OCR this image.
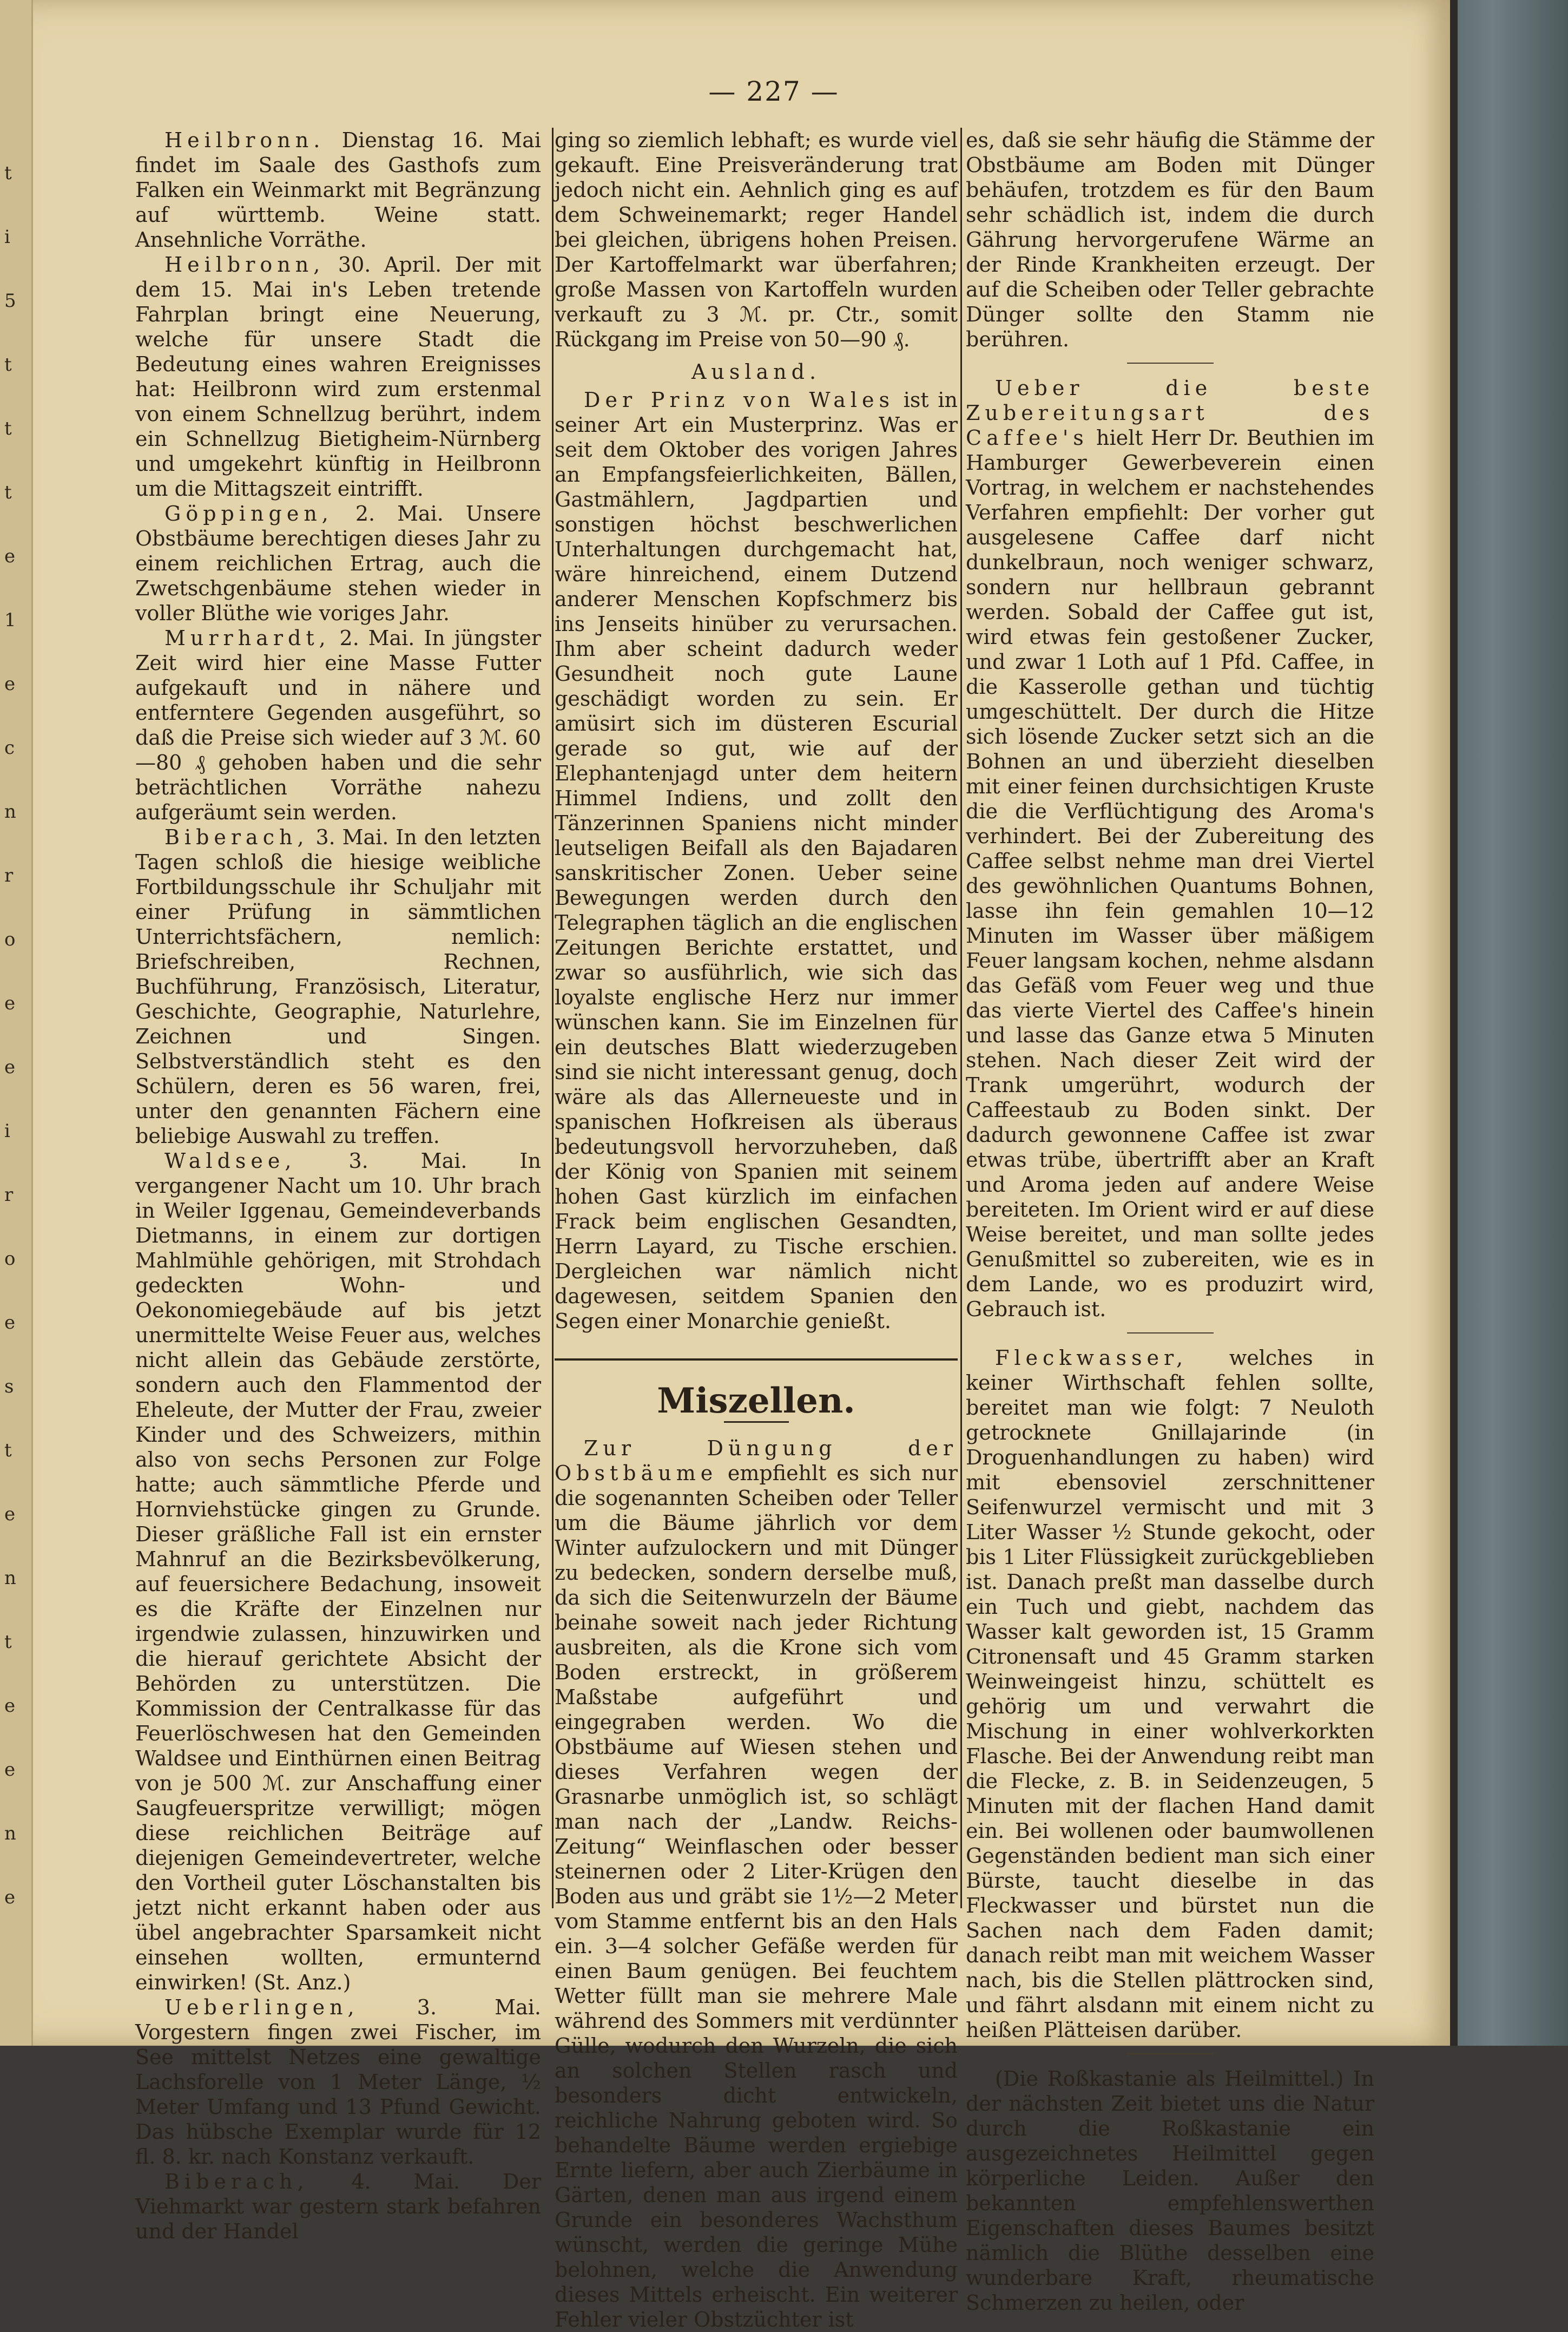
t
i
5
t
t
t
e
1
e
c
n
r
o
e
e
i
r
o
e
s
t
e
n
t
e
e
n
e
— 227 —

Heilbronn. Dienstag 16. Mai findet im Saale des Gasthofs zum Falken ein Weinmarkt mit Begränzung auf württemb. Weine statt. Ansehnliche Vorräthe.

Heilbronn, 30. April. Der mit dem 15. Mai in's Leben tretende Fahrplan bringt eine Neuerung, welche für unsere Stadt die Bedeutung eines wahren Ereignisses hat: Heilbronn wird zum erstenmal von einem Schnellzug berührt, indem ein Schnellzug Bietigheim-Nürnberg und umgekehrt künftig in Heilbronn um die Mittagszeit eintrifft.

Göppingen, 2. Mai. Unsere Obstbäume berechtigen dieses Jahr zu einem reichlichen Ertrag, auch die Zwetschgenbäume stehen wieder in voller Blüthe wie voriges Jahr.

Murrhardt, 2. Mai. In jüngster Zeit wird hier eine Masse Futter aufgekauft und in nähere und entferntere Gegenden ausgeführt, so daß die Preise sich wieder auf 3 ℳ. 60—80 ₰ gehoben haben und die sehr beträchtlichen Vorräthe nahezu aufgeräumt sein werden.

Biberach, 3. Mai. In den letzten Tagen schloß die hiesige weibliche Fortbildungsschule ihr Schuljahr mit einer Prüfung in sämmtlichen Unterrichtsfächern, nemlich: Briefschreiben, Rechnen, Buchführung, Französisch, Literatur, Geschichte, Geographie, Naturlehre, Zeichnen und Singen. Selbstverständlich steht es den Schülern, deren es 56 waren, frei, unter den genannten Fächern eine beliebige Auswahl zu treffen.

Waldsee,	3. Mai. In vergangener Nacht um 10. Uhr brach in Weiler Iggenau, Gemeindeverbands Dietmanns, in einem zur dortigen Mahlmühle gehörigen, mit Strohdach gedeckten Wohn- und Oekonomiegebäude auf bis jetzt unermittelte Weise Feuer aus, welches nicht allein das Gebäude zerstörte, sondern auch den Flammentod der Eheleute, der Mutter der Frau, zweier Kinder und des Schweizers, mithin also von sechs Personen zur Folge hatte; auch sämmtliche Pferde und Hornviehstücke gingen zu Grunde. Dieser gräßliche Fall ist ein ernster Mahnruf an die Bezirksbevölkerung, auf feuersichere Bedachung, insoweit es die Kräfte der Einzelnen nur irgendwie zulassen, hinzuwirken und die hierauf gerichtete Absicht der Behörden zu unterstützen. Die Kommission der Centralkasse für das Feuerlöschwesen hat den Gemeinden Waldsee und Einthürnen einen Beitrag von je 500 ℳ. zur Anschaffung einer Saugfeuerspritze verwilligt; mögen diese reichlichen Beiträge auf diejenigen Gemeindevertreter, welche den Vortheil guter Löschanstalten bis jetzt nicht erkannt haben oder aus übel angebrachter Sparsamkeit nicht einsehen wollten, ermunternd einwirken! (St. Anz.)

Ueberlingen,	3. Mai. Vorgestern fingen zwei Fischer, im See mittelst Netzes eine gewaltige Lachsforelle von 1 Meter Länge, ½ Meter Umfang und 13 Pfund Gewicht. Das hübsche Exemplar wurde für 12 fl. 8. kr. nach Konstanz verkauft.

Biberach, 4. Mai. Der Viehmarkt war gestern stark befahren und der Handel

ging so ziemlich lebhaft; es wurde viel gekauft. Eine Preisveränderung trat jedoch nicht ein. Aehnlich ging es auf dem Schweinemarkt; reger Handel bei gleichen, übrigens hohen Preisen. Der Kartoffelmarkt war überfahren; große Massen von Kartoffeln wurden verkauft zu 3 ℳ. pr. Ctr., somit Rückgang im Preise von 50—90 ₰.

Ausland.

Der Prinz von Wales ist in seiner Art ein Musterprinz. Was er seit dem Oktober des vorigen Jahres an Empfangsfeierlichkeiten, Bällen, Gastmählern, Jagdpartien und sonstigen höchst beschwerlichen Unterhaltungen durchgemacht hat, wäre hinreichend, einem Dutzend anderer Menschen Kopfschmerz bis ins Jenseits hinüber zu verursachen. Ihm aber scheint dadurch weder Gesundheit noch gute Laune geschädigt worden zu sein. Er amüsirt sich im düsteren Escurial gerade so gut, wie auf der Elephantenjagd unter dem heitern Himmel Indiens, und zollt den Tänzerinnen Spaniens nicht minder leutseligen Beifall als den Bajadaren sanskritischer Zonen. Ueber seine Bewegungen werden durch den Telegraphen täglich an die englischen Zeitungen Berichte erstattet, und zwar so ausführlich, wie sich das loyalste englische Herz nur immer wünschen kann. Sie im Einzelnen für ein deutsches Blatt wiederzugeben sind sie nicht interessant genug, doch wäre als das Allerneueste und in spanischen Hofkreisen als überaus bedeutungsvoll hervorzuheben, daß der König von Spanien mit seinem hohen Gast kürzlich im einfachen Frack beim englischen Gesandten, Herrn Layard, zu Tische erschien. Dergleichen war nämlich nicht dagewesen, seitdem Spanien den Segen einer Monarchie genießt.

Miszellen.

Zur Düngung der Obstbäume empfiehlt es sich nur die sogenannten Scheiben oder Teller um die Bäume jährlich vor dem Winter aufzulockern und mit Dünger zu bedecken, sondern derselbe muß, da sich die Seitenwurzeln der Bäume beinahe soweit nach jeder Richtung ausbreiten, als die Krone sich vom Boden erstreckt, in größerem Maßstabe aufgeführt und eingegraben werden. Wo die Obstbäume auf Wiesen stehen und dieses Verfahren wegen der Grasnarbe unmöglich ist, so schlägt man nach der „Landw. Reichs-Zeitung“ Weinflaschen oder besser steinernen oder 2 Liter-Krügen den Boden aus und gräbt sie 1½—2 Meter vom Stamme entfernt bis an den Hals ein. 3—4 solcher Gefäße werden für einen Baum genügen. Bei feuchtem Wetter füllt man sie mehrere Male während des Sommers mit verdünnter Gülle, wodurch den Wurzeln, die sich an solchen Stellen rasch und besonders dicht entwickeln, reichliche Nahrung geboten wird. So behandelte Bäume werden ergiebige Ernte liefern, aber auch Zierbäume in Gärten, denen man aus irgend einem Grunde ein besonderes Wachsthum wünscht, werden die geringe Mühe belohnen, welche die Anwendung dieses Mittels erheischt. Ein weiterer Fehler vieler Obstzüchter ist

es, daß sie sehr häufig die Stämme der Obstbäume am Boden mit Dünger behäufen, trotzdem es für den Baum sehr schädlich ist, indem die durch Gährung hervorgerufene Wärme an der Rinde Krankheiten erzeugt. Der auf die Scheiben oder Teller gebrachte Dünger sollte den Stamm nie berühren.

Ueber die beste Zubereitungsart des Caffee's hielt Herr Dr. Beuthien im Hamburger Gewerbeverein einen Vortrag, in welchem er nachstehendes Verfahren empfiehlt: Der vorher gut ausgelesene Caffee darf nicht dunkelbraun, noch weniger schwarz, sondern nur hellbraun gebrannt werden. Sobald der Caffee gut ist, wird etwas fein gestoßener Zucker, und zwar 1 Loth auf 1 Pfd. Caffee, in die Kasserolle gethan und tüchtig umgeschüttelt. Der durch die Hitze sich lösende Zucker setzt sich an die Bohnen an und überzieht dieselben mit einer feinen durchsichtigen Kruste die die Verflüchtigung des Aroma's verhindert. Bei der Zubereitung des Caffee selbst nehme man drei Viertel des gewöhnlichen Quantums Bohnen, lasse ihn fein gemahlen 10—12 Minuten im Wasser über mäßigem Feuer langsam kochen, nehme alsdann das Gefäß vom Feuer weg und thue das vierte Viertel des Caffee's hinein und lasse das Ganze etwa 5 Minuten stehen. Nach dieser Zeit wird der Trank umgerührt, wodurch der Caffeestaub zu Boden sinkt. Der dadurch gewonnene Caffee ist zwar etwas trübe, übertrifft aber an Kraft und Aroma jeden auf andere Weise bereiteten. Im Orient wird er auf diese Weise bereitet, und man sollte jedes Genußmittel so zubereiten, wie es in dem Lande, wo es produzirt wird, Gebrauch ist.

Fleckwasser, welches in keiner Wirthschaft fehlen sollte, bereitet man wie folgt: 7 Neuloth getrocknete Gnillajarinde (in Droguenhandlungen zu haben) wird mit ebensoviel zerschnittener Seifenwurzel vermischt und mit 3 Liter Wasser ½ Stunde gekocht, oder bis 1 Liter Flüssigkeit zurückgeblieben ist. Danach preßt man dasselbe durch ein Tuch und giebt, nachdem das Wasser kalt geworden ist, 15 Gramm Citronensaft und 45 Gramm starken Weinweingeist hinzu, schüttelt es gehörig um und verwahrt die Mischung in einer wohlverkorkten Flasche. Bei der Anwendung reibt man die Flecke, z. B. in Seidenzeugen, 5 Minuten mit der flachen Hand damit ein. Bei wollenen oder baumwollenen Gegenständen bedient man sich einer Bürste, taucht dieselbe in das Fleckwasser und bürstet nun die Sachen nach dem Faden damit; danach reibt man mit weichem Wasser nach, bis die Stellen plättrocken sind, und fährt alsdann mit einem nicht zu heißen Plätteisen darüber.

(Die Roßkastanie als Heilmittel.) In der nächsten Zeit bietet uns die Natur durch die Roßkastanie ein ausgezeichnetes Heilmittel gegen körperliche Leiden. Außer den bekannten empfehlenswerthen Eigenschaften dieses Baumes besitzt nämlich die Blüthe desselben eine wunderbare Kraft, rheumatische Schmerzen zu heilen, oder
